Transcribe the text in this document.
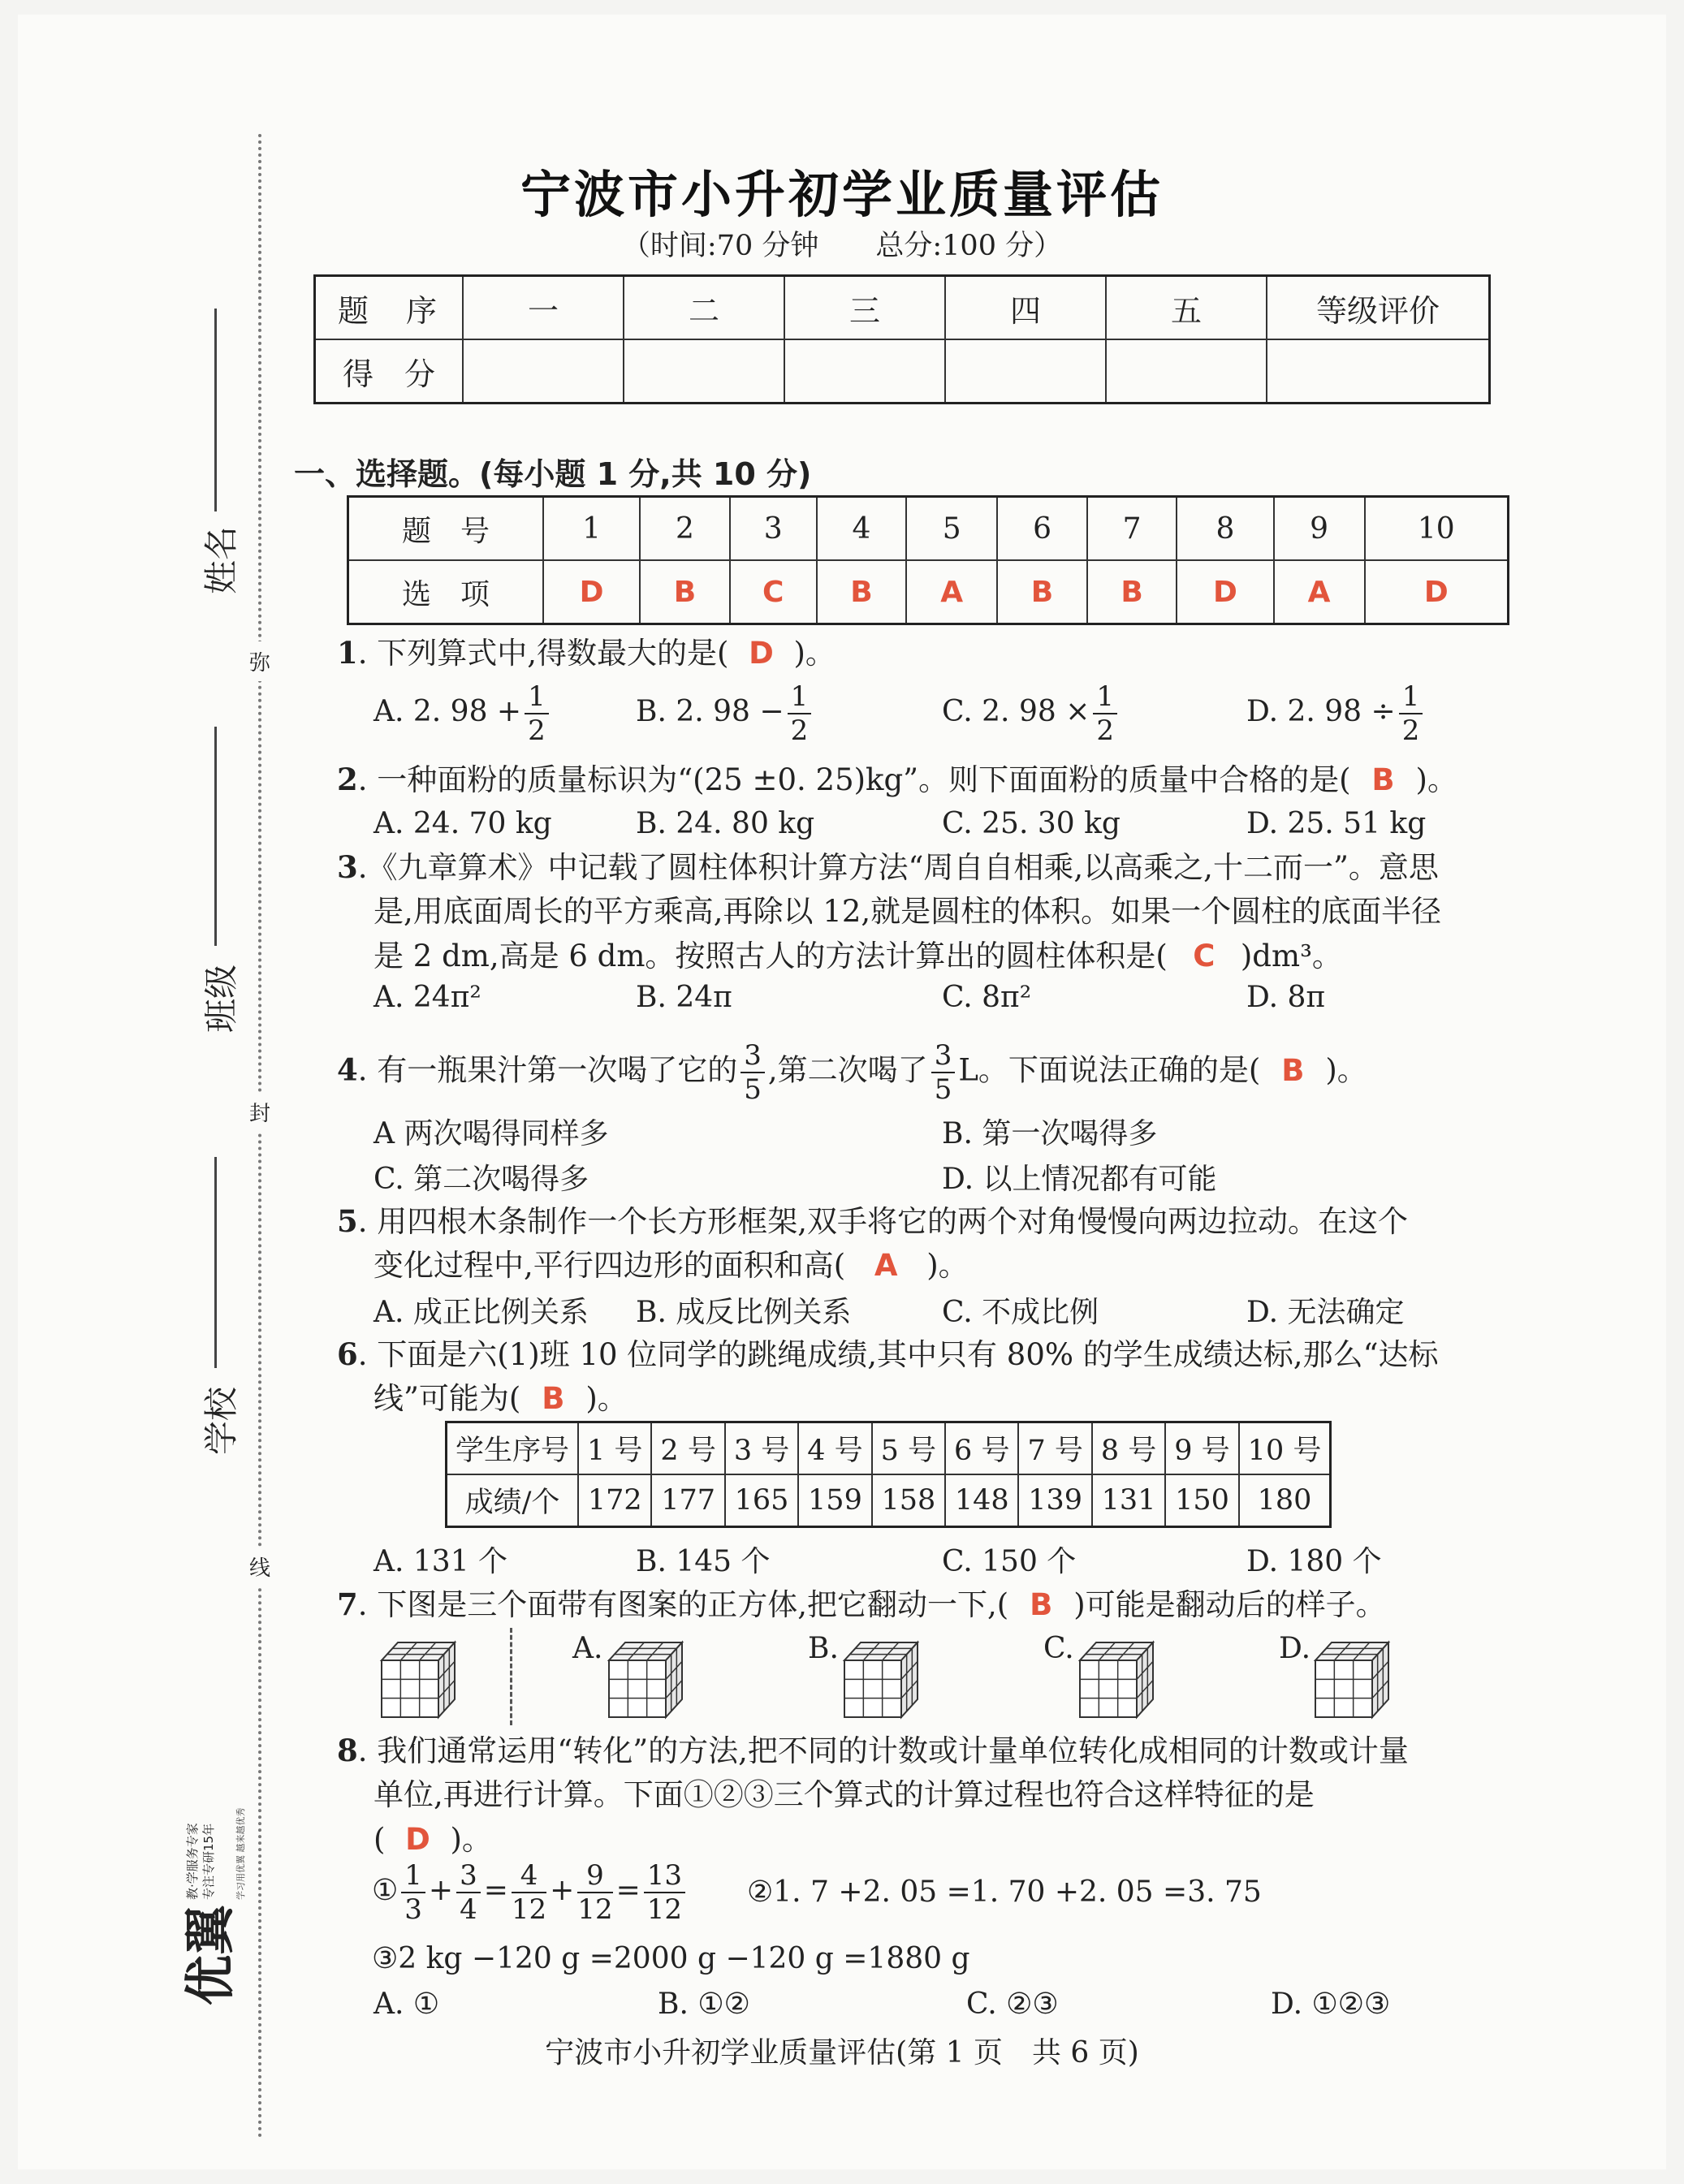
弥
封
线
姓名
班级
学校
优翼
教·学服务专家 专注专研15年 学习用优翼 越来越优秀
宁波市小升初学业质量评估
（时间:70 分钟　　总分:100 分）
题　序	一	二	三	四	五	等级评价
得　分						
一、选择题。(每小题 1 分,共 10 分)
题　号	1	2	3	4	5	6	7	8	9	10
选　项	D	B	C	B	A	B	B	D	A	D
1. 下列算式中,得数最大的是( D )。
A. 2. $98 + \frac{1}{2}$	B. 2. $98 - \frac{1}{2}$	C. 2. $98 \times \frac{1}{2}$	D. 2. $98 \div \frac{1}{2}$
2. 一种面粉的质量标识为“(25 ±0. 25)kg”。则下面面粉的质量中合格的是( B )。
A. 24. 70 kg	B. 24. 80 kg	C. 25. 30 kg	D. 25. 51 kg
3.《九章算术》中记载了圆柱体积计算方法“周自自相乘,以高乘之,十二而一”。意思
是,用底面周长的平方乘高,再除以 12,就是圆柱的体积。如果一个圆柱的底面半径
是 2 dm,高是 6 dm。按照古人的方法计算出的圆柱体积是( C )dm³。
A. 24π²	B. 24π	C. 8π²	D. 8π
4. 有一瓶果汁第一次喝了它的 $\frac{3}{5}$ ,第二次喝了 $\frac{3}{5}$ L。下面说法正确的是( B )。
A 两次喝得同样多	B. 第一次喝得多
C. 第二次喝得多	D. 以上情况都有可能
5. 用四根木条制作一个长方形框架,双手将它的两个对角慢慢向两边拉动。在这个
变化过程中,平行四边形的面积和高( A )。
A. 成正比例关系 B. 成反比例关系	C. 不成比例	D. 无法确定
6. 下面是六(1)班 10 位同学的跳绳成绩,其中只有 80% 的学生成绩达标,那么“达标
线”可能为( B )。
学生序号	1 号	2 号	3 号	4 号	5 号	6 号	7 号	8 号	9 号	10 号
成绩/个	172	177	165	159	158	148	139	131	150	180
A. 131 个	B. 145 个	C. 150 个	D. 180 个
7. 下图是三个面带有图案的正方体,把它翻动一下,( B )可能是翻动后的样子。
A.	B.	C.	D.
8. 我们通常运用“转化”的方法,把不同的计数或计量单位转化成相同的计数或计量
单位,再进行计算。下面①②③三个算式的计算过程也符合这样特征的是
( D )。
① $\frac{1}{3} + \frac{3}{4} = \frac{4}{12} + \frac{9}{12} = \frac{13}{12}$ ②1. 7 +2. 05 =1. 70 +2. 05 =3. 75
③2 kg −120 g =2000 g −120 g =1880 g
A. ①	B. ①②	C. ②③	D. ①②③
宁波市小升初学业质量评估(第 1 页　共 6 页)
